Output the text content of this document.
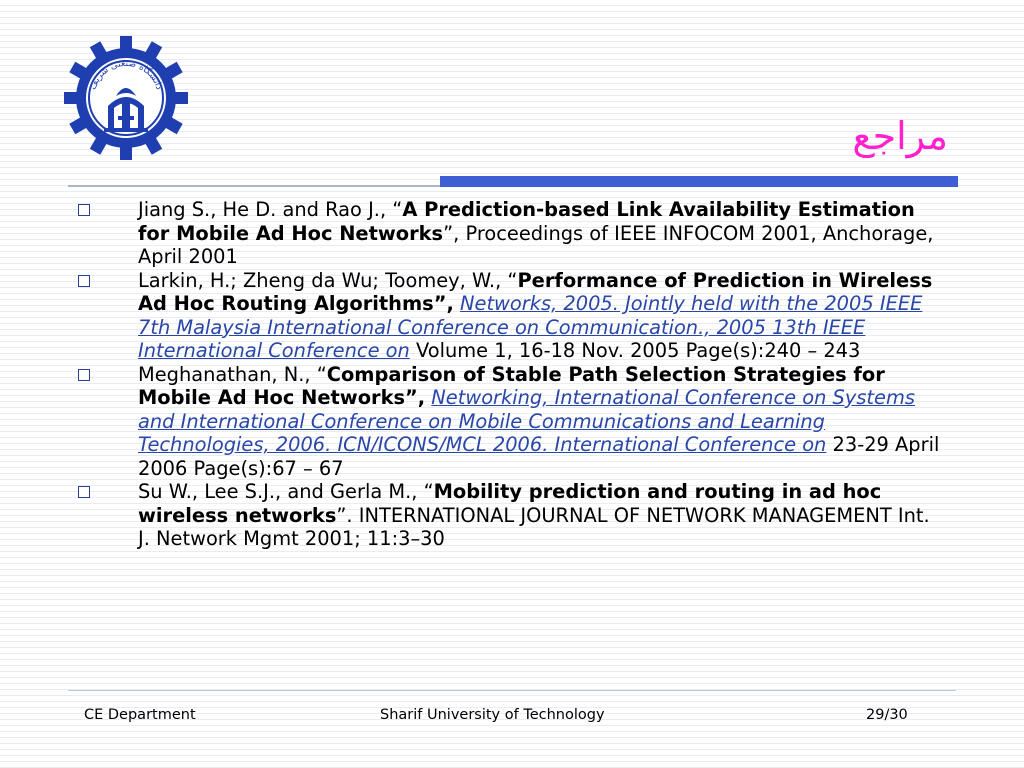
دانشگاه صنعتی شریف
مراجع
Jiang S., He D. and Rao J., “A Prediction-based Link Availability Estimation for Mobile Ad Hoc Networks”, Proceedings of IEEE INFOCOM 2001, Anchorage, April 2001
Larkin, H.; Zheng da Wu; Toomey, W., “Performance of Prediction in Wireless Ad Hoc Routing Algorithms”, Networks, 2005. Jointly held with the 2005 IEEE 7th Malaysia International Conference on Communication., 2005 13th IEEE International Conference on Volume 1, 16-18 Nov. 2005 Page(s):240 – 243
Meghanathan, N., “Comparison of Stable Path Selection Strategies for Mobile Ad Hoc Networks”, Networking, International Conference on Systems and International Conference on Mobile Communications and Learning Technologies, 2006. ICN/ICONS/MCL 2006. International Conference on 23-29 April 2006 Page(s):67 – 67
Su W., Lee S.J., and Gerla M., “Mobility prediction and routing in ad hoc wireless networks”. INTERNATIONAL JOURNAL OF NETWORK MANAGEMENT Int. J. Network Mgmt 2001; 11:3–30
CE Department	Sharif University of Technology	29/30
